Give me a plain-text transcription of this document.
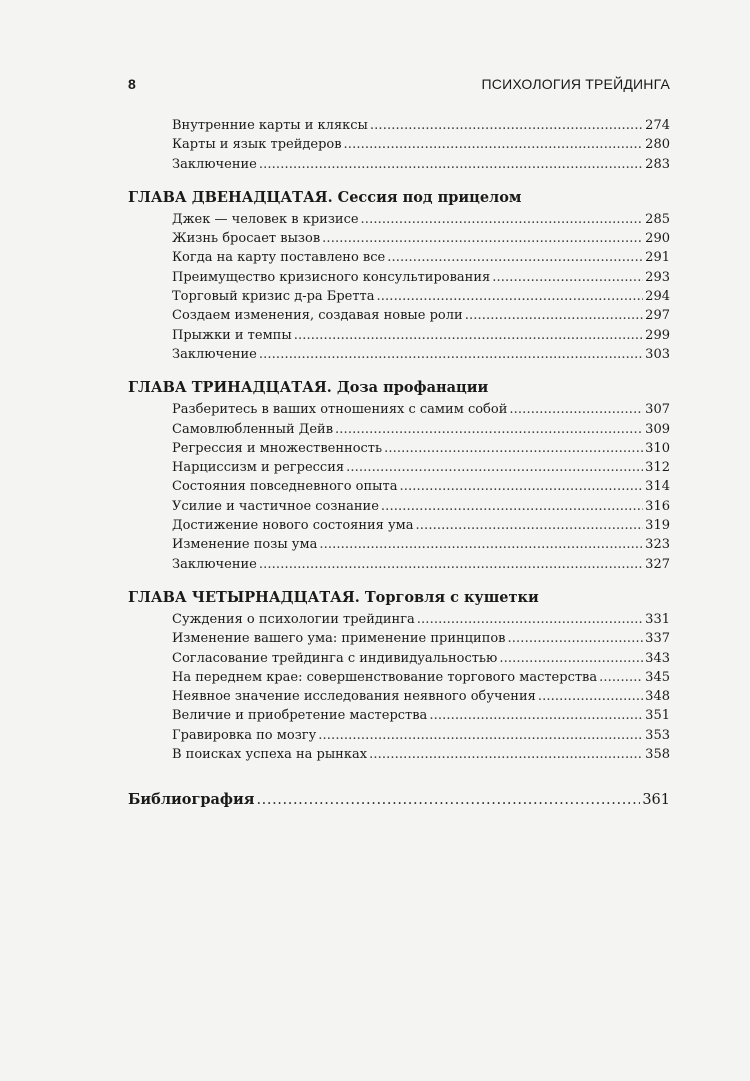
8	ПСИХОЛОГИЯ ТРЕЙДИНГА
Внутренние карты и кляксы . . .	274
Карты и язык трейдеров . . .	280
Заключение . . .	283
ГЛАВА ДВЕНАДЦАТАЯ. Сессия под прицелом
Джек — человек в кризисе . . .	285
Жизнь бросает вызов . . .	290
Когда на карту поставлено все . . .	291
Преимущество кризисного консультирования . . .	293
Торговый кризис д-ра Бретта . . .	294
Создаем изменения, создавая новые роли . . .	297
Прыжки и темпы . . .	299
Заключение . . .	303
ГЛАВА ТРИНАДЦАТАЯ. Доза профанации
Разберитесь в ваших отношениях с самим собой . . .	307
Самовлюбленный Дейв . . .	309
Регрессия и множественность . . .	310
Нарциссизм и регрессия . . .	312
Состояния повседневного опыта . . .	314
Усилие и частичное сознание . . .	316
Достижение нового состояния ума . . .	319
Изменение позы ума . . .	323
Заключение . . .	327
ГЛАВА ЧЕТЫРНАДЦАТАЯ. Торговля с кушетки
Суждения о психологии трейдинга . . .	331
Изменение вашего ума: применение принципов . . .	337
Согласование трейдинга с индивидуальностью . . .	343
На переднем крае: совершенствование торгового мастерства . . .	345
Неявное значение исследования неявного обучения . . .	348
Величие и приобретение мастерства . . .	351
Гравировка по мозгу . . .	353
В поисках успеха на рынках . . .	358
Библиография . . .	361
